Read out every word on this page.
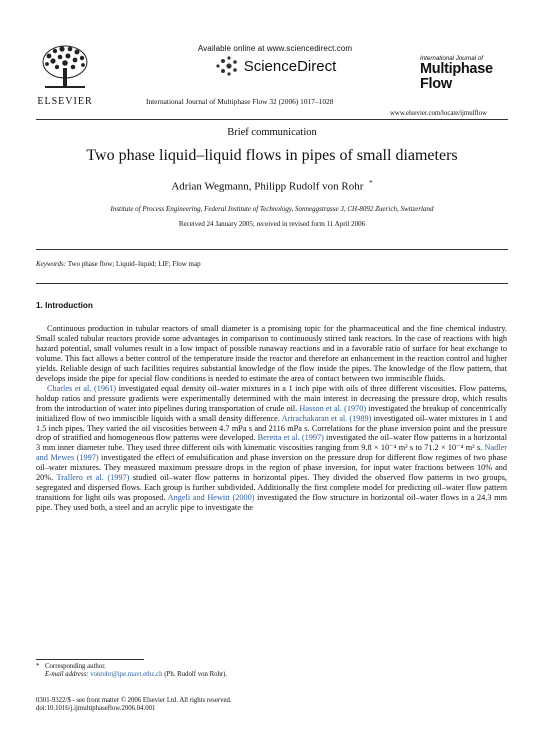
ELSEVIER
Available online at www.sciencedirect.com
ScienceDirect
International Journal of Multiphase Flow 32 (2006) 1017–1028
International Journal of
Multiphase
Flow
www.elsevier.com/locate/ijmulflow
Brief communication
Two phase liquid–liquid flows in pipes of small diameters
Adrian Wegmann, Philipp Rudolf von Rohr *
Institute of Process Engineering, Federal Institute of Technology, Sonneggstrasse 3, CH-8092 Zuerich, Switzerland
Received 24 January 2005; received in revised form 11 April 2006
Keywords: Two phase flow; Liquid–liquid; LIF; Flow map
1. Introduction

Continuous production in tubular reactors of small diameter is a promising topic for the pharmaceutical and the fine chemical industry. Small scaled tubular reactors provide some advantages in comparison to continuously stirred tank reactors. In the case of reactions with high hazard potential, small volumes result in a low impact of possible runaway reactions and in a favorable ratio of surface for heat exchange to volume. This fact allows a better control of the temperature inside the reactor and therefore an enhancement in the reaction control and higher yields. Reliable design of such facilities requires substantial knowledge of the flow inside the pipes. The knowledge of the flow pattern, that develops inside the pipe for special flow conditions is needed to estimate the area of contact between two immiscible fluids.

Charles et al. (1961) investigated equal density oil–water mixtures in a 1 inch pipe with oils of three different viscosities. Flow patterns, holdup ratios and pressure gradients were experimentally determined with the main interest in decreasing the pressure drop, which results from the introduction of water into pipelines during transportation of crude oil. Hasson et al. (1970) investigated the breakup of concentrically initialized flow of two immiscible liquids with a small density difference. Arirachakaran et al. (1989) investigated oil–water mixtures in 1 and 1.5 inch pipes. They varied the oil viscosities between 4.7 mPa s and 2116 mPa s. Correlations for the phase inversion point and the pressure drop of stratified and homogeneous flow patterns were developed. Beretta et al. (1997) investigated the oil–water flow patterns in a horizontal 3 mm inner diameter tube. They used three different oils with kinematic viscosities ranging from 9.8 × 10⁻⁴ m² s to 71.2 × 10⁻⁴ m² s. Nadler and Mewes (1997) investigated the effect of emulsification and phase inversion on the pressure drop for different flow regimes of two phase oil–water mixtures. They measured maximum pressure drops in the region of phase inversion, for input water fractions between 10% and 20%. Trallero et al. (1997) studied oil–water flow patterns in horizontal pipes. They divided the observed flow patterns in two groups, segregated and dispersed flows. Each group is further subdivided. Additionally the first complete model for predicting oil–water flow pattern transitions for light oils was proposed. Angeli and Hewitt (2000) investigated the flow structure in horizontal oil–water flows in a 24.3 mm pipe. They used both, a steel and an acrylic pipe to investigate the

* Corresponding author.
E-mail address: vonrohr@ipe.mavt.ethz.ch (Ph. Rudolf von Rohr).
0301-9322/$ - see front matter © 2006 Elsevier Ltd. All rights reserved.
doi:10.1016/j.ijmultiphaseflow.2006.04.001
